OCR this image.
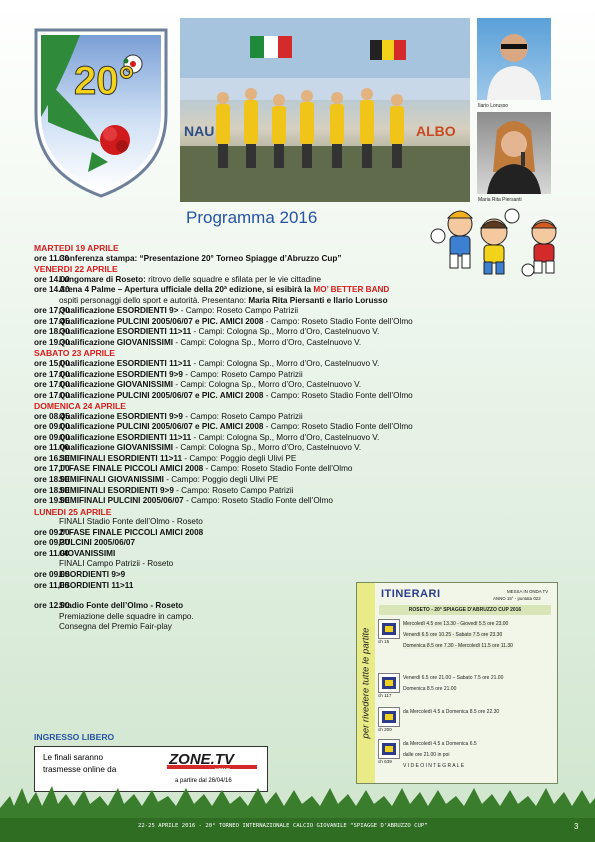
20°
NAU	ALBO
Ilario Lorusso
Maria Rita Piersanti
Programma 2016
MARTEDI 19 APRILE
ore 11.30
Conferenza stampa: “Presentazione 20° Torneo Spiagge d’Abruzzo Cup”
VENERDI 22 APRILE
ore 14.00
Lungomare di Roseto: ritrovo delle squadre e sfilata per le vie cittadine
ore 14.30
Arena 4 Palme – Apertura ufficiale della 20ª edizione, si esibirà la MO’ BETTER BAND
ospiti personaggi dello sport e autorità. Presentano: Maria Rita Piersanti e Ilario Lorusso
ore 17,30
Qualificazione ESORDIENTI 9> - Campo: Roseto Campo Patrizii
ore 17.45
Qualificazione PULCINI 2005/06/07 e PIC. AMICI 2008 - Campo: Roseto Stadio Fonte dell’Olmo
ore 18.30
Qualificazione ESORDIENTI 11>11 - Campi: Cologna Sp., Morro d’Oro, Castelnuovo V.
ore 19.30
Qualificazione GIOVANISSIMI - Campi: Cologna Sp., Morro d’Oro, Castelnuovo V.
SABATO 23 APRILE
ore 15,00
Qualificazione ESORDIENTI 11>11 - Campi: Cologna Sp., Morro d’Oro, Castelnuovo V.
ore 17.00
Qualificazione ESORDIENTI 9>9 - Campo: Roseto Campo Patrizii
ore 17.00
Qualificazione GIOVANISSIMI - Campi: Cologna Sp., Morro d’Oro, Castelnuovo V.
ore 17.00
Qualificazione PULCINI 2005/06/07 e PIC. AMICI 2008 - Campo: Roseto Stadio Fonte dell’Olmo
DOMENICA 24 APRILE
ore 08.45
Qualificazione ESORDIENTI 9>9 - Campo: Roseto Campo Patrizii
ore 09.00
Qualificazione PULCINI 2005/06/07 e PIC. AMICI 2008 - Campo: Roseto Stadio Fonte dell’Olmo
ore 09.00
Qualificazione ESORDIENTI 11>11 - Campi: Cologna Sp., Morro d’Oro, Castelnuovo V.
ore 11.00
Qualificazione GIOVANISSIMI - Campi: Cologna Sp., Morro d’Oro, Castelnuovo V.
ore 16.30
SEMIFINALI ESORDIENTI 11>11 - Campo: Poggio degli Ulivi PE
ore 17,00
1ª FASE FINALE PICCOLI AMICI 2008 - Campo: Roseto Stadio Fonte dell’Olmo
ore 18.00
SEMIFINALI GIOVANISSIMI - Campo: Poggio degli Ulivi PE
ore 18.00
SEMIFINALI ESORDIENTI 9>9 - Campo: Roseto Campo Patrizii
ore 19.00
SEMIFINALI PULCINI 2005/06/07 - Campo: Roseto Stadio Fonte dell’Olmo
LUNEDI 25 APRILE
FINALI Stadio Fonte dell’Olmo - Roseto
ore 09.00
2ª FASE FINALE PICCOLI AMICI 2008
ore 09,30
PULCINI 2005/06/07
ore 11.00
GIOVANISSIMI
FINALI Campo Patrizii - Roseto
ore 09.00
ESORDIENTI 9>9
ore 11,00
ESORDIENTI 11>11
ore 12.00
Stadio Fonte dell’Olmo - Roseto
Premiazione delle squadre in campo.
Consegna del Premio Fair-play
per rivedere tutte le partite
ITINERARI	MESSA IN ONDA TV
ANNO 15° - puntata 022
ROSETO - 20° SPIAGGE D’ABRUZZO CUP 2016
ch 15
Mercoledì 4.5 ore 13.30 - Giovedì 5.5 ore 23.00
Venerdì 6.5 ore 10.25 - Sabato 7.5 ore 23.30
Domenica 8.5 ore 7.30 - Mercoledì 11.5 ore 11.30
ch 117
Venerdì 6.5 ore 21.00 – Sabato 7.5 ore 21.00
Domenica 8.5 ore 21.00
ch 200
da Mercoledì 4.5 a Domenica 8.5 ore 22.30
ch 639
da Mercoledì 4.5 a Domenica 6.5
dalle ore 21.00 in poi
V I D E O I N T E G R A L E
INGRESSO LIBERO
Le finali saranno
trasmesse online da
ZONE.TV
NEWS
a partire dal 26/04/16
22-25 APRILE 2016 - 20° TORNEO INTERNAZIONALE CALCIO GIOVANILE “SPIAGGE D’ABRUZZO CUP”	3
